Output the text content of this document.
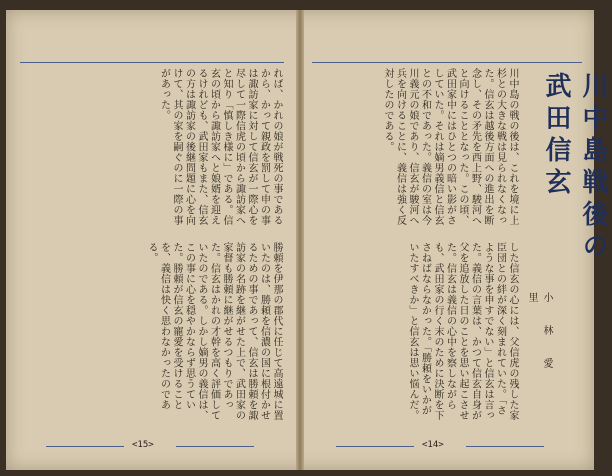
れば、かれの娘が戦死の事であるから、かって親政を罰して申の事は諏訪家に対して信玄が一際心を尽して一際信虎の頃から諏訪家へと知り「慎しき様に」である。信玄の頃から諏訪家へと娘婿を迎えるけれども、武田家もまた、信玄の方は諏訪家の後継問題に心を向けて、其の家を嗣ぐのに一際の事があった。
勝頼を伊那の郡代に任じて高遠城に置いたのは、勝頼を信濃の国に根付かせるための事であって、信玄は勝頼を諏訪家の名跡を継がせた上で、武田家の家督も勝頼に継がせるつもりであった。信玄はかれの才幹を高く評価していたのである。しかし嫡男の義信は、この事に心を穏やかならず思うていた。勝頼が信玄の寵愛を受けることを、義信は快く思わなかったのである。
<15>
川中島の戦の後は、これを境に上杉との大きな戦は見られなくなった。信玄は越後方面への進出を断念し、その矛先を西上野、駿河へと向けることとなった。この頃、武田家中にはひとつの暗い影がさしていた。それは嫡男義信と信玄との不和であった。義信の室は今川義元の娘であり、信玄が駿河へ兵を向けることに、義信は強く反対したのである。
した信玄の心には、父信虎の残した家臣団との絆が深く刻まれていた。「さような事を申すでない」と信玄は言った。義信の言葉は、かつて信玄自身が父を追放した日のことを思い起こさせた。信玄は義信の心中を察しながらも、武田家の行く末のために決断を下さねばならなかった。「勝頼をいかがいたすべきか」と信玄は思い悩んだ。
川中島戦後の武田信玄
小 林 愛 里
<14>
